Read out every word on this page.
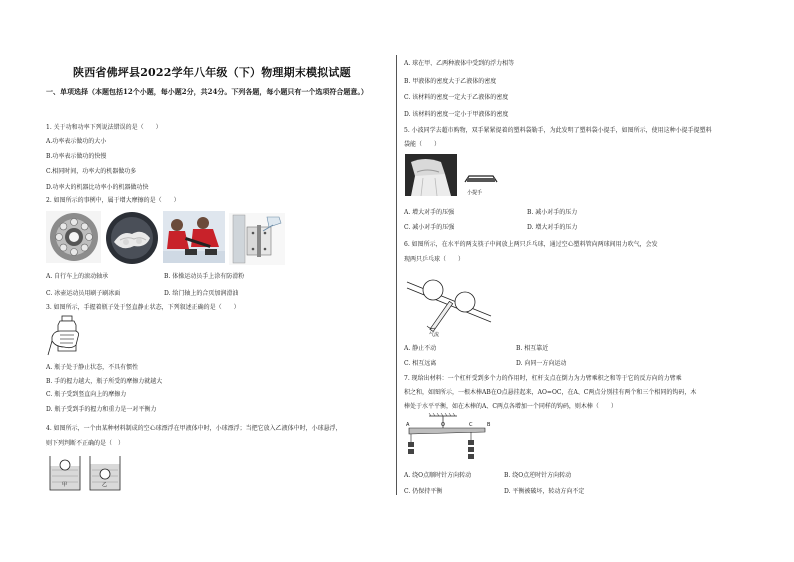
陕西省佛坪县2022学年八年级（下）物理期末模拟试题
一、单项选择（本题包括12个小题，每小题2分，共24分。下列各题，每小题只有一个选项符合题意。）
1. 关于功和功率下列说法错误的是（　　）
A.功率表示做功的大小
B.功率表示做功的快慢
C.相同时间，功率大的机器做功多
D.功率大的机器比功率小的机器做功快
2. 如图所示的事例中，属于增大摩擦的是（　　）
A. 自行车上的滚动轴承	B. 体操运动员手上涂有防滑粉
C. 冰壶运动员用刷子刷冰面	D. 给门轴上的合页加润滑油
3. 如图所示，手握着瓶子处于竖直静止状态，下列叙述正确的是（　　）
A. 瓶子处于静止状态，不具有惯性
B. 手的握力越大，瓶子所受的摩擦力就越大
C. 瓶子受到竖直向上的摩擦力
D. 瓶子受到手的握力和重力是一对平衡力
4. 如图所示，一个由某种材料制成的空心球漂浮在甲液体中时，小球漂浮；当把它放入乙液体中时，小球悬浮，
则下列判断不正确的是（　）
甲	乙
A. 球在甲、乙两种液体中受到的浮力相等
B. 甲液体的密度大于乙液体的密度
C. 该材料的密度一定大于乙液体的密度
D. 该材料的密度一定小于甲液体的密度
5. 小波同学去超市购物，双手紧紧提着的塑料袋勒手，为此发明了塑料袋小提手，如图所示，使用这种小提手提塑料
袋能（　　）
小提手
A. 增大对手的压强	B. 减小对手的压力
C. 减小对手的压强	D. 增大对手的压力
6. 如图所示，在水平的两支筷子中间放上两只乒乓球，通过空心塑料管向两球间用力吹气，会发
现两只乒乓球（　　）
气流
A. 静止不动	B. 相互靠近
C. 相互远离	D. 向同一方向运动
7. 现给出材料：一个杠杆受到多个力的作用时，杠杆支点在倒力为力臂乘积之和等于它的反方向的力臂乘
积之和，如图所示，一根木棒AB在O点悬挂起来，AO=OC，在A、C两点分别挂有两个和三个相同的钩码，木
棒处于水平平衡，如在木棒的A、C两点各增加一个同样的钩码，则木棒（　　）
A	O	C	B
A. 绕O点顺时针方向转动	B. 绕O点逆时针方向转动
C. 仍保持平衡	D. 平衡被破坏，转动方向不定
